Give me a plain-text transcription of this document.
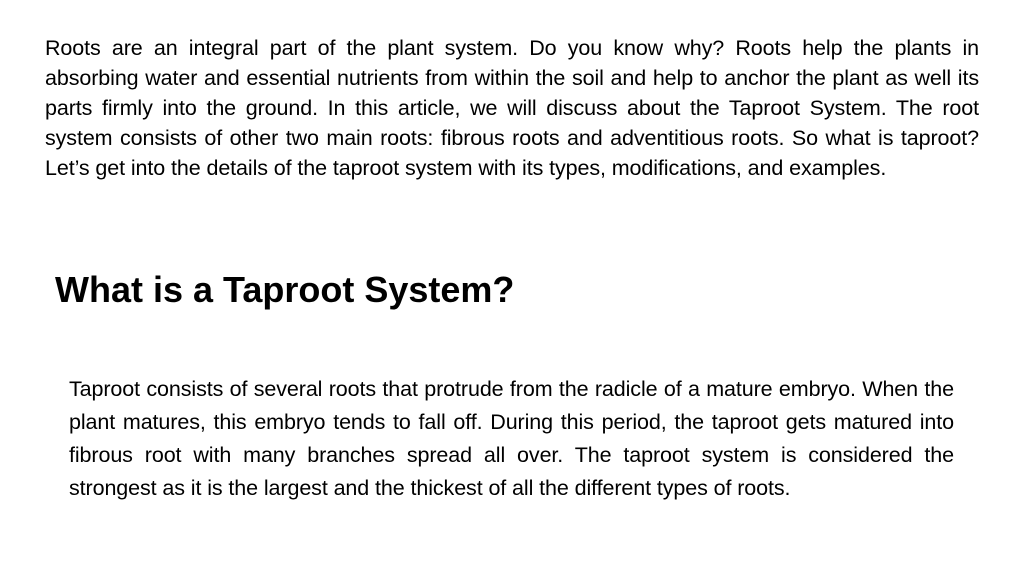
Roots are an integral part of the plant system. Do you know why? Roots help the plants in absorbing water and essential nutrients from within the soil and help to anchor the plant as well its parts firmly into the ground. In this article, we will discuss about the Taproot System. The root system consists of other two main roots: fibrous roots and adventitious roots. So what is taproot? Let’s get into the details of the taproot system with its types, modifications, and examples.

What is a Taproot System?

Taproot consists of several roots that protrude from the radicle of a mature embryo. When the plant matures, this embryo tends to fall off. During this period, the taproot gets matured into fibrous root with many branches spread all over. The taproot system is considered the strongest as it is the largest and the thickest of all the different types of roots.
